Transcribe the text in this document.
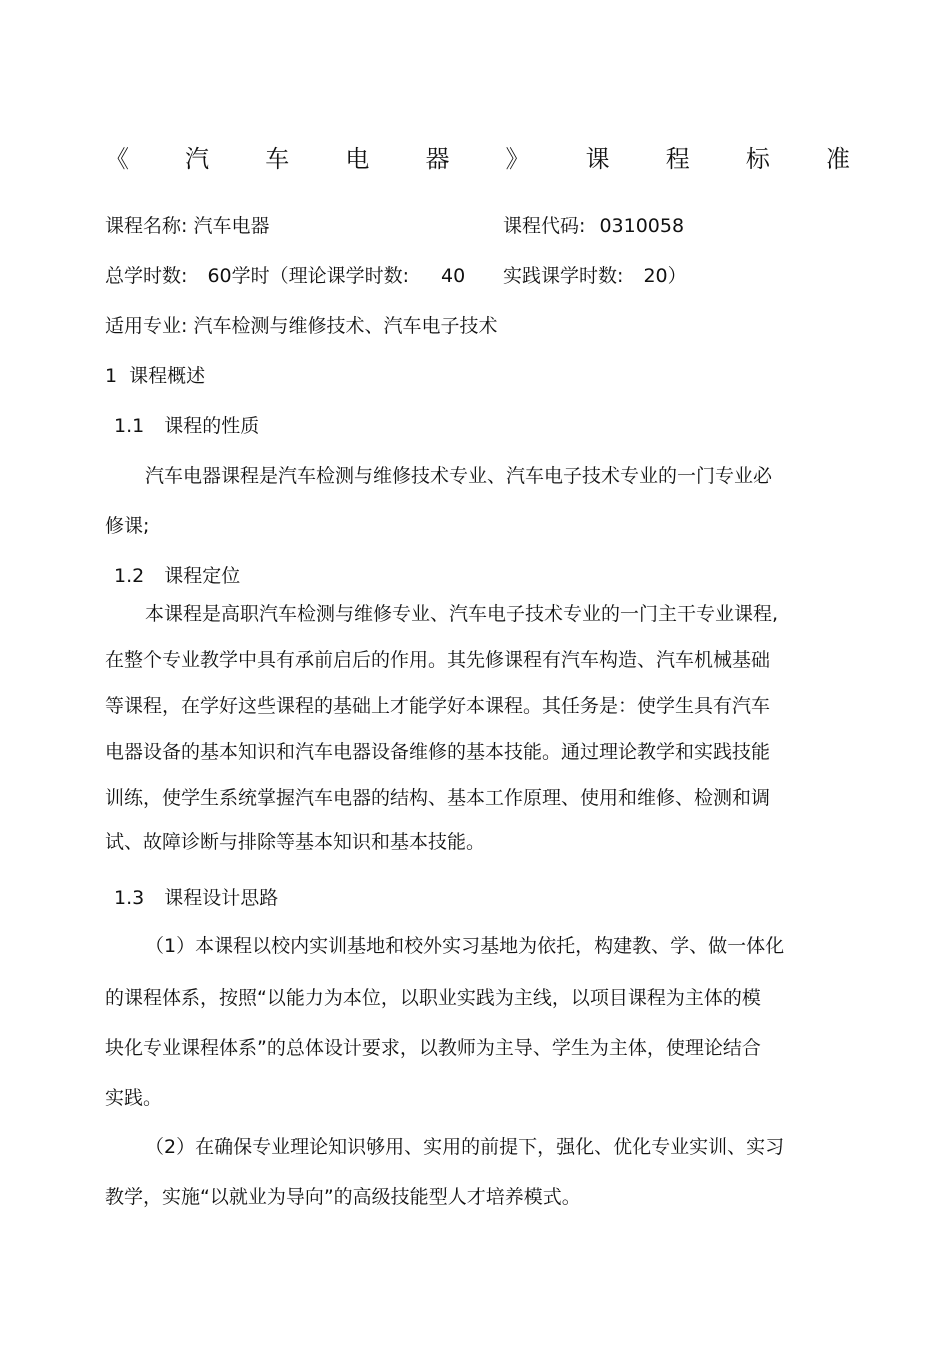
《 汽 车 电 器 》 课 程 标 准
课程名称: 汽车电器	课程代码: 0310058
总学时数: 60学时（理论课学时数: 40 实践课学时数: 20）
适用专业: 汽车检测与维修技术、汽车电子技术
1 课程概述
1.1 课程的性质
汽车电器课程是汽车检测与维修技术专业、汽车电子技术专业的一门专业必
修课;
1.2 课程定位
本课程是高职汽车检测与维修专业、汽车电子技术专业的一门主干专业课程,
在整个专业教学中具有承前启后的作用。其先修课程有汽车构造、汽车机械基础
等课程，在学好这些课程的基础上才能学好本课程。其任务是：使学生具有汽车
电器设备的基本知识和汽车电器设备维修的基本技能。通过理论教学和实践技能
训练，使学生系统掌握汽车电器的结构、基本工作原理、使用和维修、检测和调
试、故障诊断与排除等基本知识和基本技能。
1.3 课程设计思路
（1）本课程以校内实训基地和校外实习基地为依托，构建教、学、做一体化
的课程体系，按照“以能力为本位，以职业实践为主线，以项目课程为主体的模
块化专业课程体系”的总体设计要求，以教师为主导、学生为主体，使理论结合
实践。
（2）在确保专业理论知识够用、实用的前提下，强化、优化专业实训、实习
教学，实施“以就业为导向”的高级技能型人才培养模式。
